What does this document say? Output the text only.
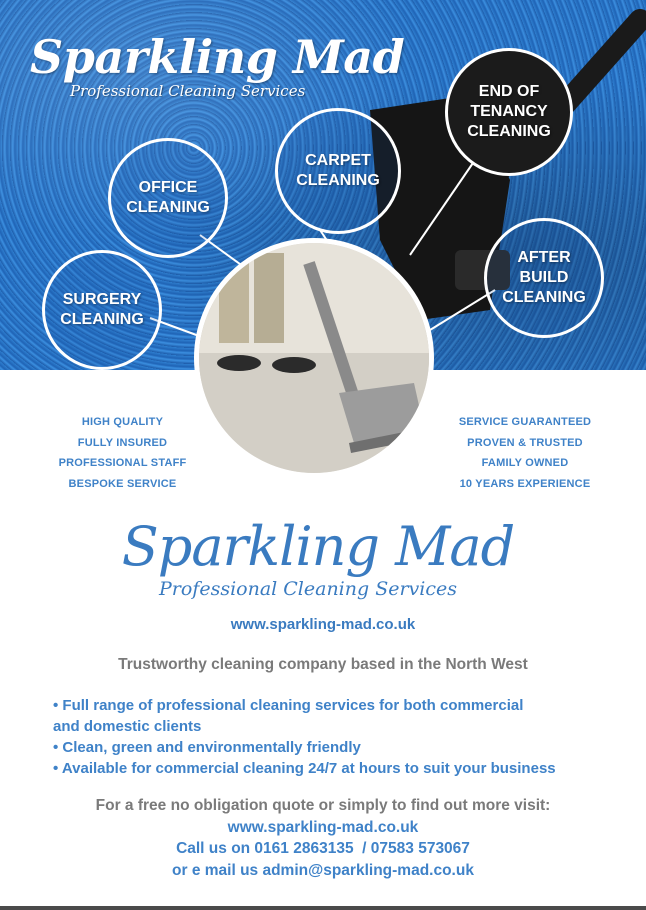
Sparkling Mad
Professional Cleaning Services
OFFICE
CLEANING
CARPET
CLEANING
END OF
TENANCY
CLEANING
SURGERY
CLEANING
AFTER
BUILD
CLEANING
HIGH QUALITY
FULLY INSURED
PROFESSIONAL STAFF
BESPOKE SERVICE
SERVICE GUARANTEED
PROVEN & TRUSTED
FAMILY OWNED
10 YEARS EXPERIENCE
Sparkling Mad
Professional Cleaning Services
www.sparkling-mad.co.uk
Trustworthy cleaning company based in the North West
• Full range of professional cleaning services for both commercial
and domestic clients
• Clean, green and environmentally friendly
• Available for commercial cleaning 24/7 at hours to suit your business
For a free no obligation quote or simply to find out more visit:
www.sparkling-mad.co.uk
Call us on 0161 2863135  / 07583 573067
or e mail us admin@sparkling-mad.co.uk
